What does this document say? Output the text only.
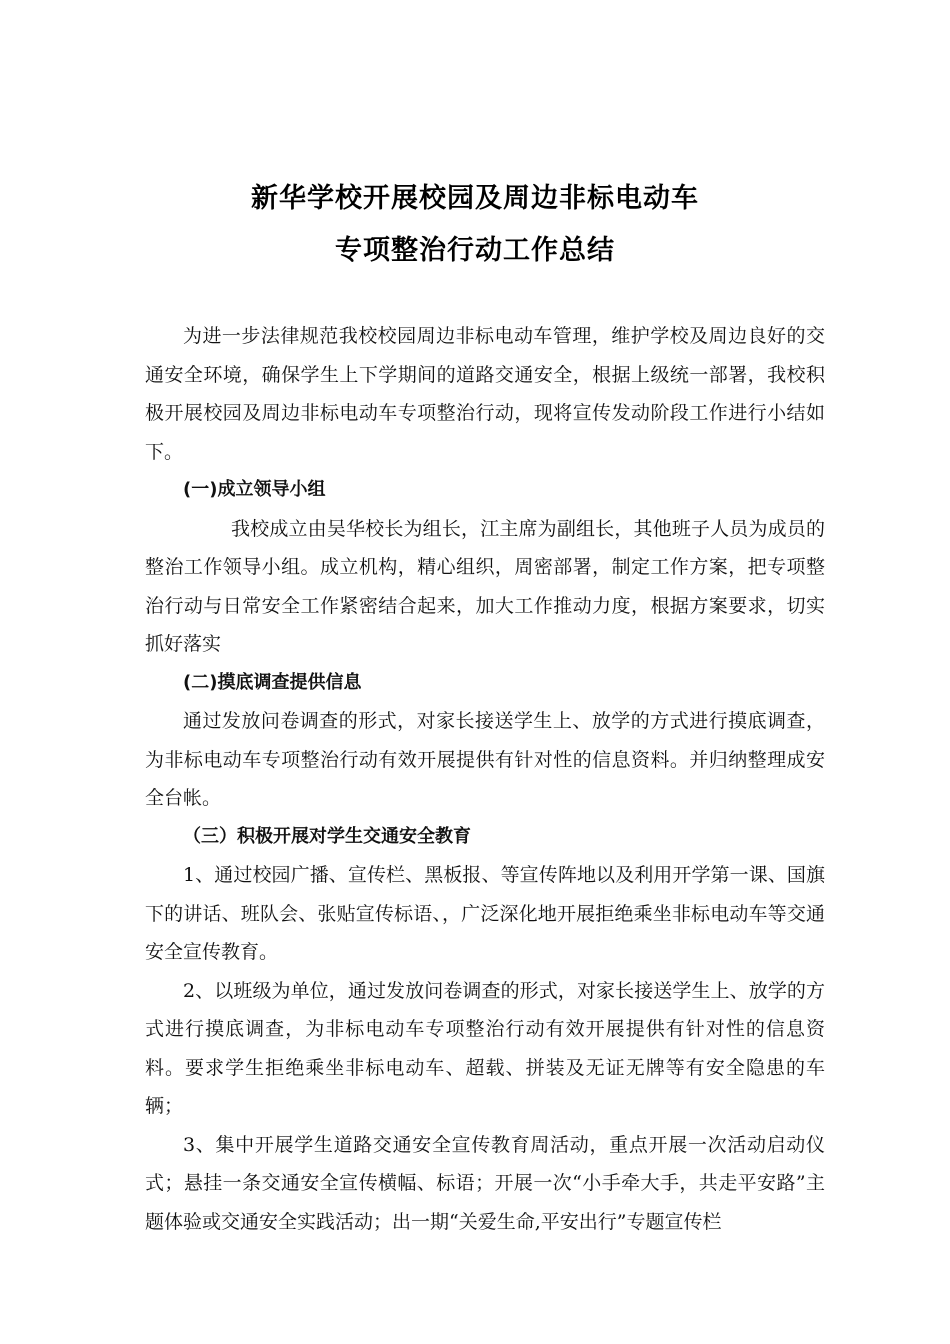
新华学校开展校园及周边非标电动车
专项整治行动工作总结

为进一步法律规范我校校园周边非标电动车管理，维护学校及周边良好的交通安全环境，确保学生上下学期间的道路交通安全，根据上级统一部署，我校积极开展校园及周边非标电动车专项整治行动，现将宣传发动阶段工作进行小结如下。

(一)成立领导小组

我校成立由吴华校长为组长，江主席为副组长，其他班子人员为成员的整治工作领导小组。成立机构，精心组织，周密部署，制定工作方案，把专项整治行动与日常安全工作紧密结合起来，加大工作推动力度，根据方案要求，切实抓好落实

(二)摸底调查提供信息

通过发放问卷调查的形式，对家长接送学生上、放学的方式进行摸底调查，为非标电动车专项整治行动有效开展提供有针对性的信息资料。并归纳整理成安全台帐。

（三）积极开展对学生交通安全教育

1、通过校园广播、宣传栏、黑板报、等宣传阵地以及利用开学第一课、国旗下的讲话、班队会、张贴宣传标语、，广泛深化地开展拒绝乘坐非标电动车等交通安全宣传教育。

2、以班级为单位，通过发放问卷调查的形式，对家长接送学生上、放学的方式进行摸底调查，为非标电动车专项整治行动有效开展提供有针对性的信息资料。要求学生拒绝乘坐非标电动车、超载、拼装及无证无牌等有安全隐患的车辆；

3、集中开展学生道路交通安全宣传教育周活动，重点开展一次活动启动仪式；悬挂一条交通安全宣传横幅、标语；开展一次“小手牵大手，共走平安路”主题体验或交通安全实践活动；出一期“关爱生命,平安出行”专题宣传栏
